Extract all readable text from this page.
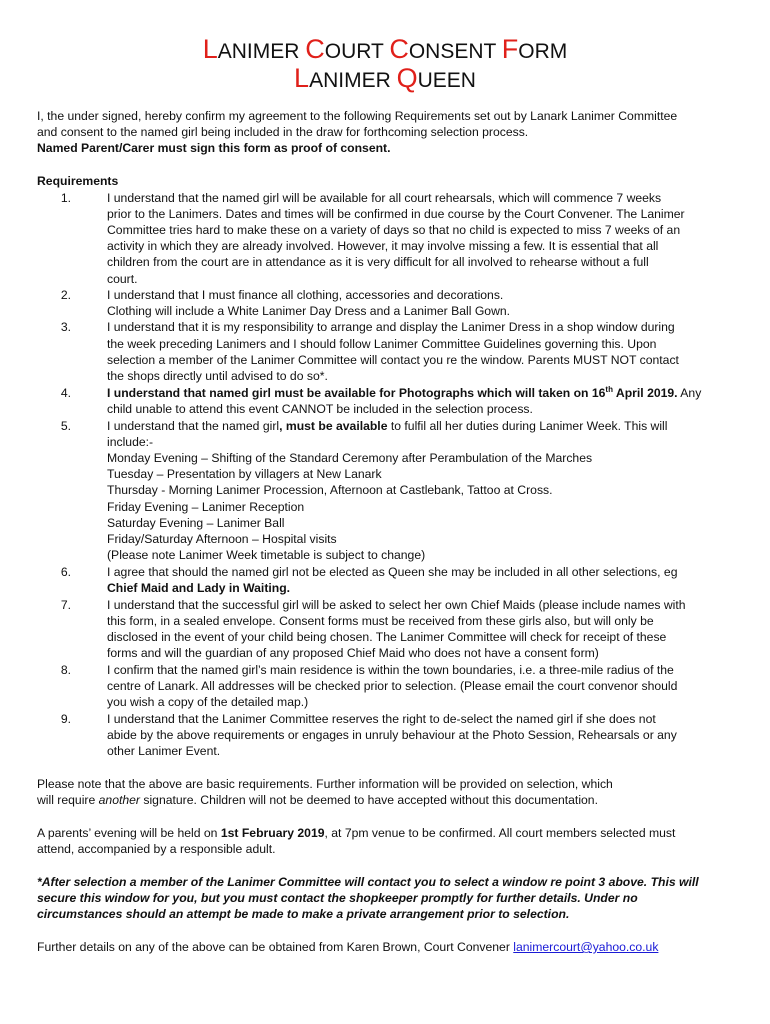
LANIMER COURT CONSENT FORM
LANIMER QUEEN
I, the under signed, hereby confirm my agreement to the following Requirements set out by Lanark Lanimer Committee
and consent to the named girl being included in the draw for forthcoming selection process.
Named Parent/Carer must sign this form as proof of consent.
Requirements
1.	I understand that the named girl will be available for all court rehearsals, which will commence 7 weeks
prior to the Lanimers. Dates and times will be confirmed in due course by the Court Convener. The Lanimer
Committee tries hard to make these on a variety of days so that no child is expected to miss 7 weeks of an
activity in which they are already involved. However, it may involve missing a few. It is essential that all
children from the court are in attendance as it is very difficult for all involved to rehearse without a full
court.
2.	I understand that I must finance all clothing, accessories and decorations.
Clothing will include a White Lanimer Day Dress and a Lanimer Ball Gown.
3.	I understand that it is my responsibility to arrange and display the Lanimer Dress in a shop window during
the week preceding Lanimers and I should follow Lanimer Committee Guidelines governing this. Upon
selection a member of the Lanimer Committee will contact you re the window. Parents MUST NOT contact
the shops directly until advised to do so*.
4.	I understand that named girl must be available for Photographs which will taken on 16th April 2019. Any
child unable to attend this event CANNOT be included in the selection process.
5.	I understand that the named girl, must be available to fulfil all her duties during Lanimer Week. This will
include:-
Monday Evening – Shifting of the Standard Ceremony after Perambulation of the Marches
Tuesday – Presentation by villagers at New Lanark
Thursday - Morning Lanimer Procession, Afternoon at Castlebank, Tattoo at Cross.
Friday Evening – Lanimer Reception
Saturday Evening – Lanimer Ball
Friday/Saturday Afternoon – Hospital visits
(Please note Lanimer Week timetable is subject to change)
6.	I agree that should the named girl not be elected as Queen she may be included in all other selections, eg
Chief Maid and Lady in Waiting.
7.	I understand that the successful girl will be asked to select her own Chief Maids (please include names with
this form, in a sealed envelope. Consent forms must be received from these girls also, but will only be
disclosed in the event of your child being chosen. The Lanimer Committee will check for receipt of these
forms and will the guardian of any proposed Chief Maid who does not have a consent form)
8.	I confirm that the named girl’s main residence is within the town boundaries, i.e. a three-mile radius of the
centre of Lanark. All addresses will be checked prior to selection. (Please email the court convenor should
you wish a copy of the detailed map.)
9.	I understand that the Lanimer Committee reserves the right to de-select the named girl if she does not
abide by the above requirements or engages in unruly behaviour at the Photo Session, Rehearsals or any
other Lanimer Event.
Please note that the above are basic requirements. Further information will be provided on selection, which
will require another signature. Children will not be deemed to have accepted without this documentation.
A parents’ evening will be held on 1st February 2019, at 7pm venue to be confirmed. All court members selected must
attend, accompanied by a responsible adult.
*After selection a member of the Lanimer Committee will contact you to select a window re point 3 above. This will
secure this window for you, but you must contact the shopkeeper promptly for further details. Under no
circumstances should an attempt be made to make a private arrangement prior to selection.
Further details on any of the above can be obtained from Karen Brown, Court Convener lanimercourt@yahoo.co.uk
